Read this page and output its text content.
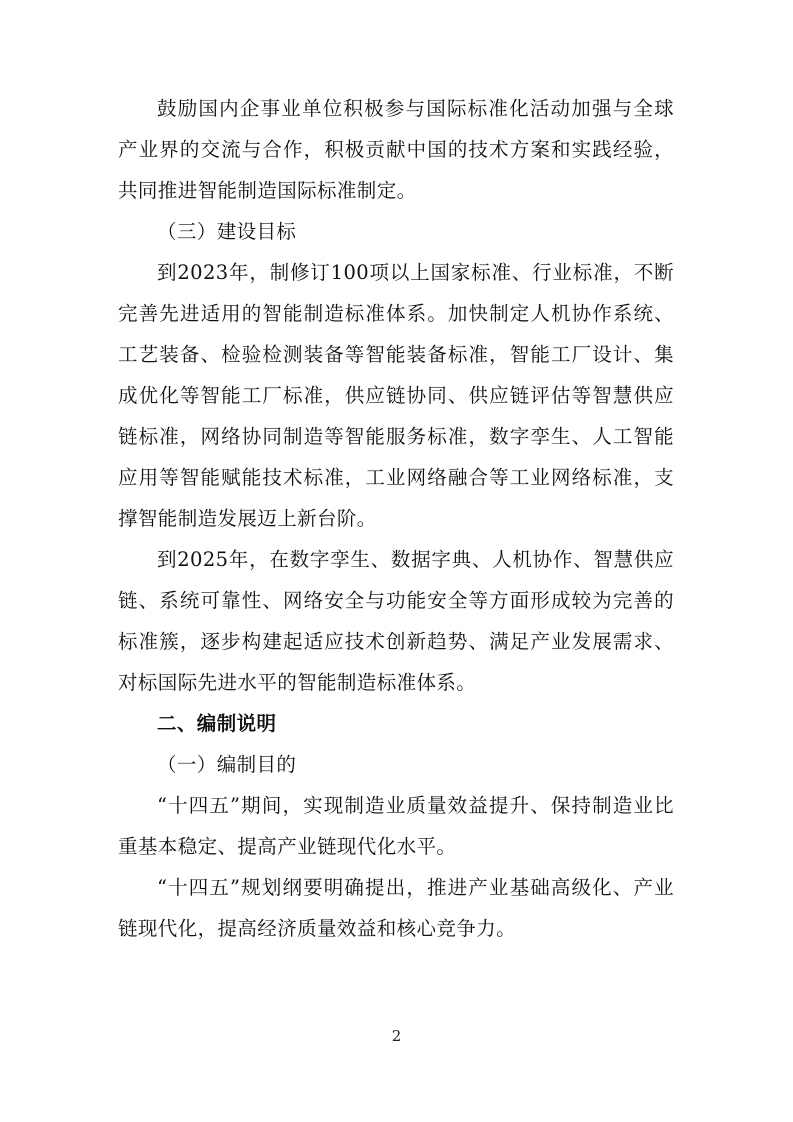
鼓励国内企事业单位积极参与国际标准化活动加强与全球产业界的交流与合作，积极贡献中国的技术方案和实践经验，共同推进智能制造国际标准制定。

（三）建设目标

到2023年，制修订100项以上国家标准、行业标准，不断完善先进适用的智能制造标准体系。加快制定人机协作系统、工艺装备、检验检测装备等智能装备标准，智能工厂设计、集成优化等智能工厂标准，供应链协同、供应链评估等智慧供应链标准，网络协同制造等智能服务标准，数字孪生、人工智能应用等智能赋能技术标准，工业网络融合等工业网络标准，支撑智能制造发展迈上新台阶。

到2025年，在数字孪生、数据字典、人机协作、智慧供应链、系统可靠性、网络安全与功能安全等方面形成较为完善的标准簇，逐步构建起适应技术创新趋势、满足产业发展需求、对标国际先进水平的智能制造标准体系。

二、编制说明

（一）编制目的

“十四五”期间，实现制造业质量效益提升、保持制造业比重基本稳定、提高产业链现代化水平。

“十四五”规划纲要明确提出，推进产业基础高级化、产业链现代化，提高经济质量效益和核心竞争力。

2
